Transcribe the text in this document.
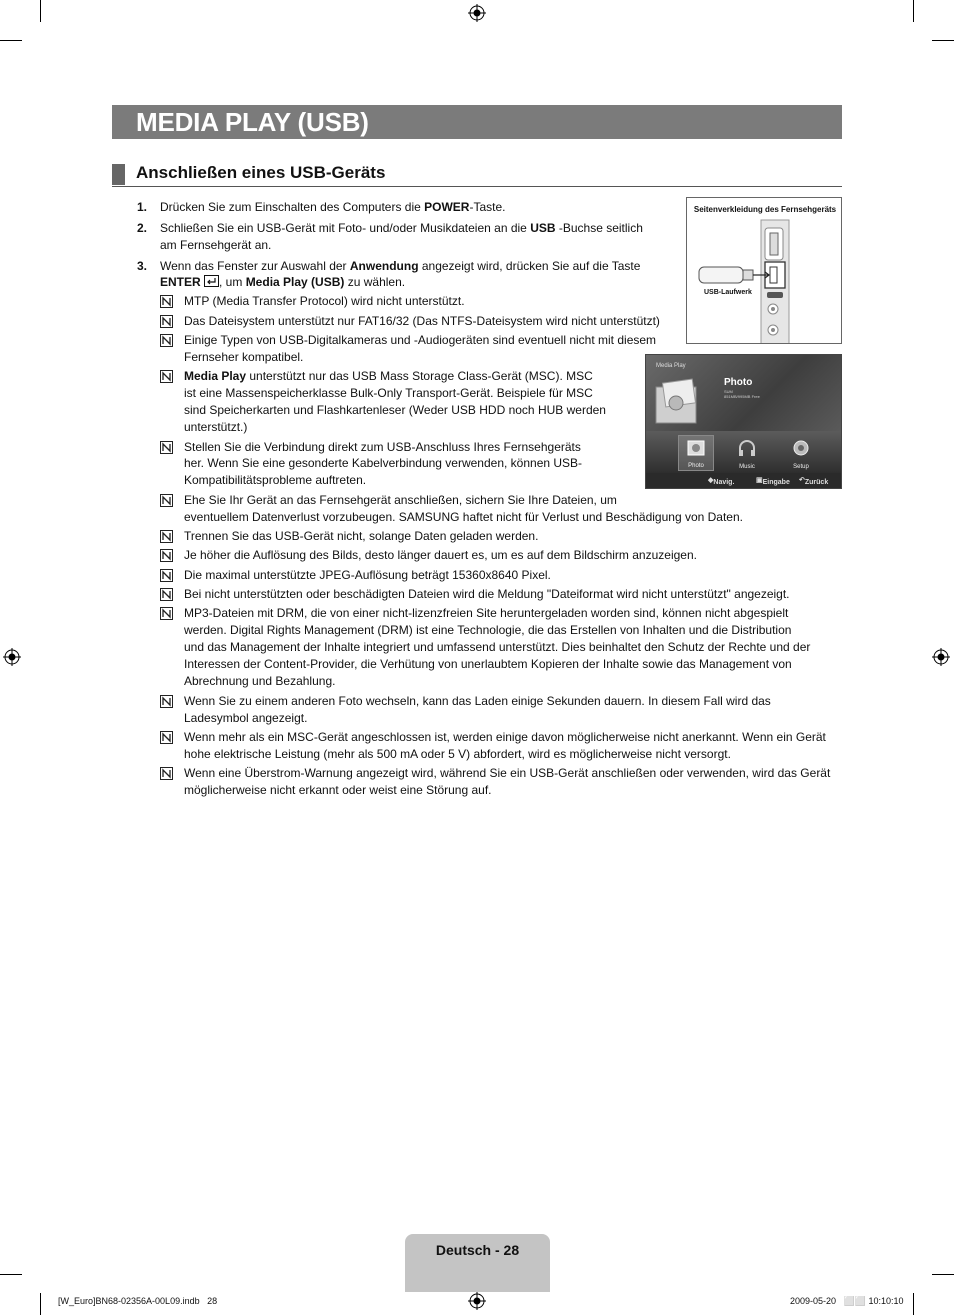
MEDIA PLAY (USB)
Anschließen eines USB-Geräts
1. Drücken Sie zum Einschalten des Computers die POWER-Taste.
2. Schließen Sie ein USB-Gerät mit Foto- und/oder Musikdateien an die USB -Buchse seitlich
am Fernsehgerät an.
3. Wenn das Fenster zur Auswahl der Anwendung angezeigt wird, drücken Sie auf die Taste
ENTER , um Media Play (USB) zu wählen.
MTP (Media Transfer Protocol) wird nicht unterstützt.
Das Dateisystem unterstützt nur FAT16/32 (Das NTFS-Dateisystem wird nicht unterstützt)
Einige Typen von USB-Digitalkameras und -Audiogeräten sind eventuell nicht mit diesem
Fernseher kompatibel.
Media Play unterstützt nur das USB Mass Storage Class-Gerät (MSC). MSC
ist eine Massenspeicherklasse Bulk-Only Transport-Gerät. Beispiele für MSC
sind Speicherkarten und Flashkartenleser (Weder USB HDD noch HUB werden
unterstützt.)
Stellen Sie die Verbindung direkt zum USB-Anschluss Ihres Fernsehgeräts
her. Wenn Sie eine gesonderte Kabelverbindung verwenden, können USB-
Kompatibilitätsprobleme auftreten.
Ehe Sie Ihr Gerät an das Fernsehgerät anschließen, sichern Sie Ihre Dateien, um
eventuellem Datenverlust vorzubeugen. SAMSUNG haftet nicht für Verlust und Beschädigung von Daten.
Trennen Sie das USB-Gerät nicht, solange Daten geladen werden.
Je höher die Auflösung des Bilds, desto länger dauert es, um es auf dem Bildschirm anzuzeigen.
Die maximal unterstützte JPEG-Auflösung beträgt 15360x8640 Pixel.
Bei nicht unterstützten oder beschädigten Dateien wird die Meldung "Dateiformat wird nicht unterstützt" angezeigt.
MP3-Dateien mit DRM, die von einer nicht-lizenzfreien Site heruntergeladen worden sind, können nicht abgespielt
werden. Digital Rights Management (DRM) ist eine Technologie, die das Erstellen von Inhalten und die Distribution
und das Management der Inhalte integriert und umfassend unterstützt. Dies beinhaltet den Schutz der Rechte und der
Interessen der Content-Provider, die Verhütung von unerlaubtem Kopieren der Inhalte sowie das Management von
Abrechnung und Bezahlung.
Wenn Sie zu einem anderen Foto wechseln, kann das Laden einige Sekunden dauern. In diesem Fall wird das
Ladesymbol angezeigt.
Wenn mehr als ein MSC-Gerät angeschlossen ist, werden einige davon möglicherweise nicht anerkannt. Wenn ein Gerät
hohe elektrische Leistung (mehr als 500 mA oder 5 V) abfordert, wird es möglicherweise nicht versorgt.
Wenn eine Überstrom-Warnung angezeigt wird, während Sie ein USB-Gerät anschließen oder verwenden, wird das Gerät
möglicherweise nicht erkannt oder weist eine Störung auf.
Seitenverkleidung des Fernsehgeräts
USB-Laufwerk
Media Play
Photo
SUM
851MB/995MB Free
Photo	Music	Setup
◆ Navig.	▣ Eingabe ↶ Zurück
Deutsch - 28
[W_Euro]BN68-02356A-00L09.indb   28	2009-05-20   ⬜⬜ 10:10:10
